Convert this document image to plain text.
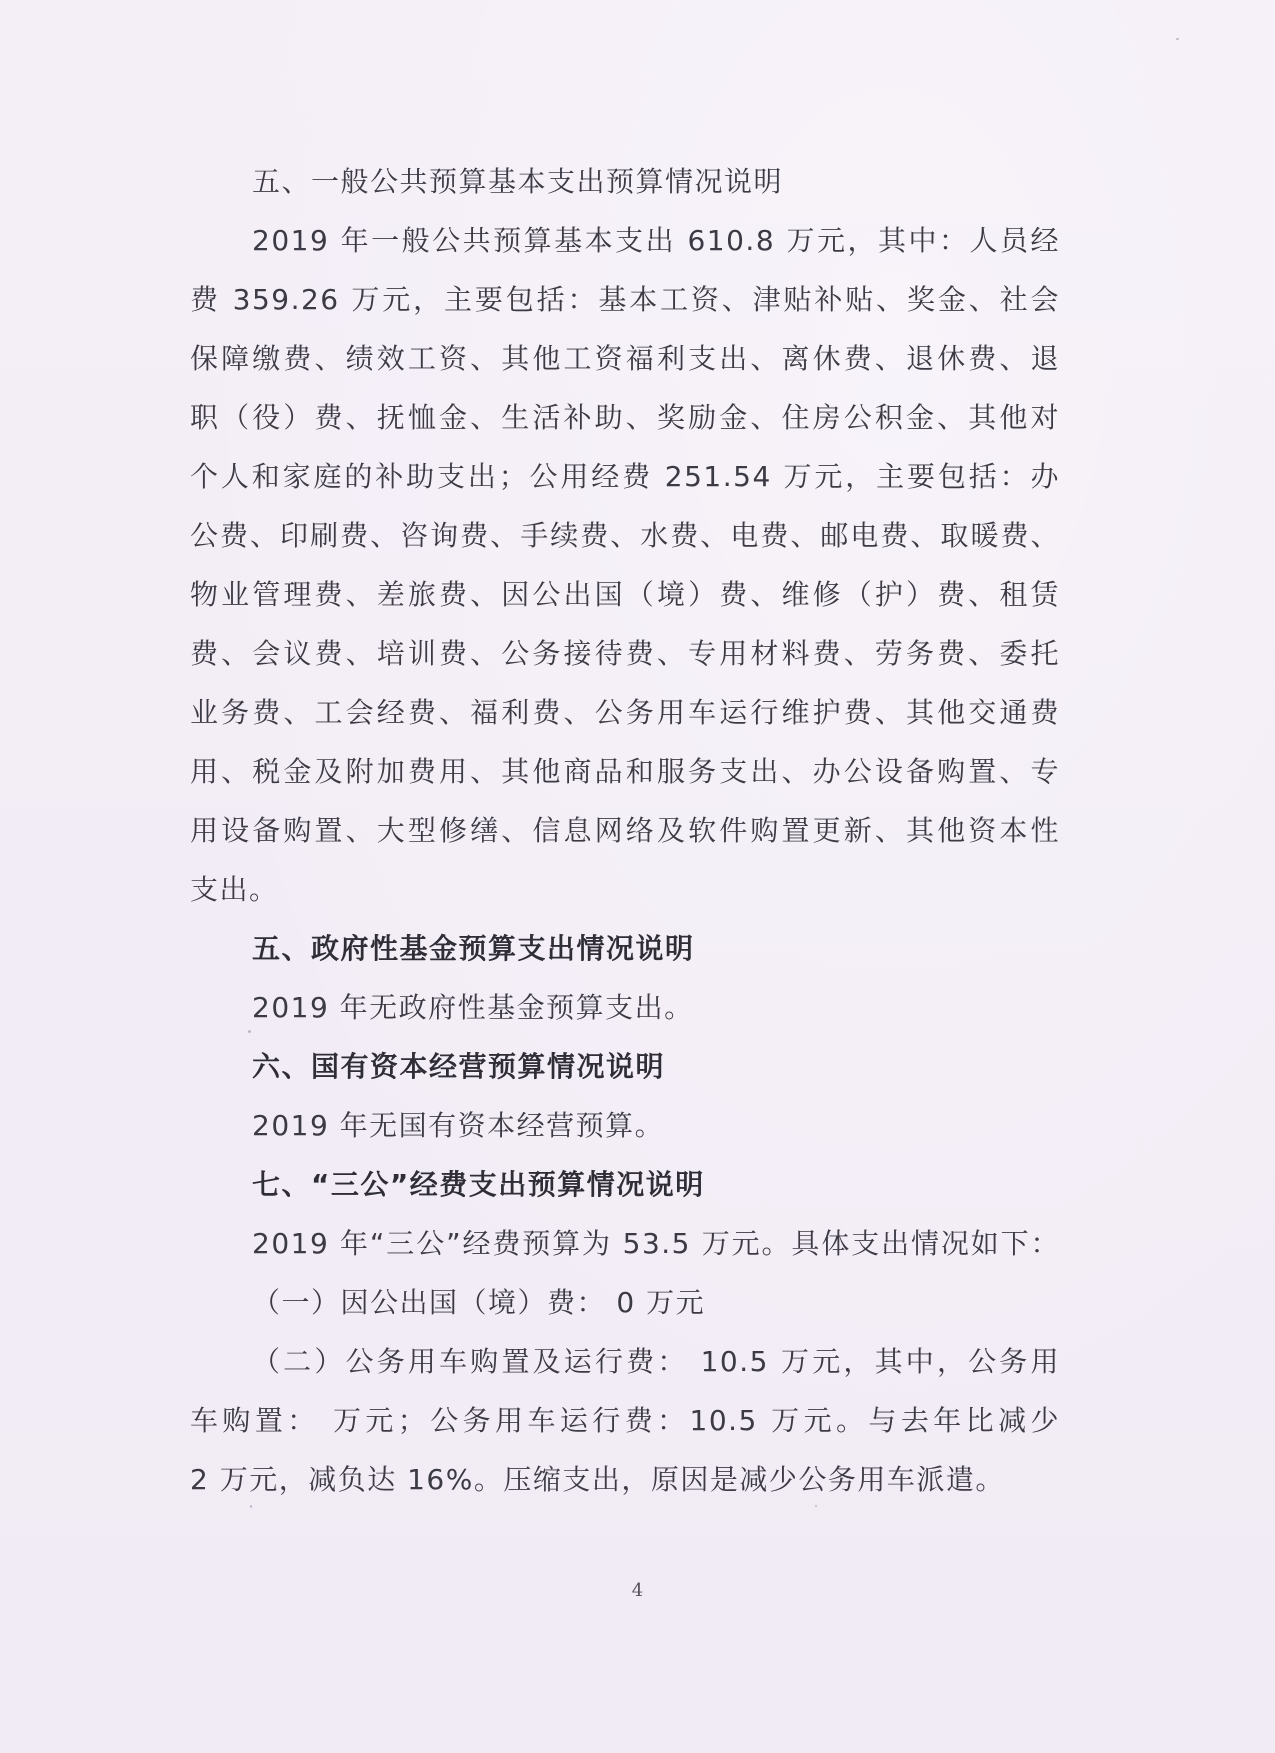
五、一般公共预算基本支出预算情况说明
2019 年一般公共预算基本支出 610.8 万元，其中：人员经
费 359.26 万元，主要包括：基本工资、津贴补贴、奖金、社会
保障缴费、绩效工资、其他工资福利支出、离休费、退休费、退
职（役）费、抚恤金、生活补助、奖励金、住房公积金、其他对
个人和家庭的补助支出；公用经费 251.54 万元，主要包括：办
公费、印刷费、咨询费、手续费、水费、电费、邮电费、取暖费、
物业管理费、差旅费、因公出国（境）费、维修（护）费、租赁
费、会议费、培训费、公务接待费、专用材料费、劳务费、委托
业务费、工会经费、福利费、公务用车运行维护费、其他交通费
用、税金及附加费用、其他商品和服务支出、办公设备购置、专
用设备购置、大型修缮、信息网络及软件购置更新、其他资本性
支出。
五、政府性基金预算支出情况说明
2019 年无政府性基金预算支出。
六、国有资本经营预算情况说明
2019 年无国有资本经营预算。
七、“三公”经费支出预算情况说明
2019 年“三公”经费预算为 53.5 万元。具体支出情况如下：
（一）因公出国（境）费： 0 万元
（二）公务用车购置及运行费： 10.5 万元，其中，公务用
车购置： 万元；公务用车运行费：10.5 万元。与去年比减少
2 万元，减负达 16%。压缩支出，原因是减少公务用车派遣。
4
